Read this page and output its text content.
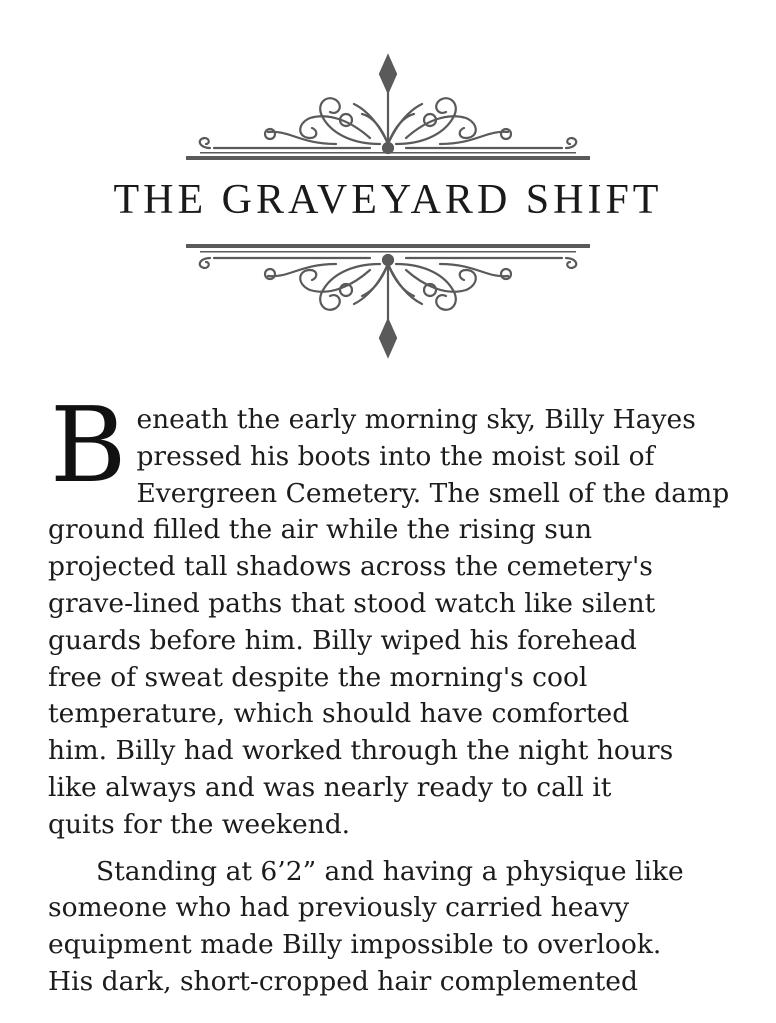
THE GRAVEYARD SHIFT

B eneath the early morning sky, Billy Hayes
pressed his boots into the moist soil of
Evergreen Cemetery. The smell of the damp
ground filled the air while the rising sun
projected tall shadows across the cemetery's
grave-lined paths that stood watch like silent
guards before him. Billy wiped his forehead
free of sweat despite the morning's cool
temperature, which should have comforted
him. Billy had worked through the night hours
like always and was nearly ready to call it
quits for the weekend.

Standing at 6’2” and having a physique like
someone who had previously carried heavy
equipment made Billy impossible to overlook.
His dark, short-cropped hair complemented
